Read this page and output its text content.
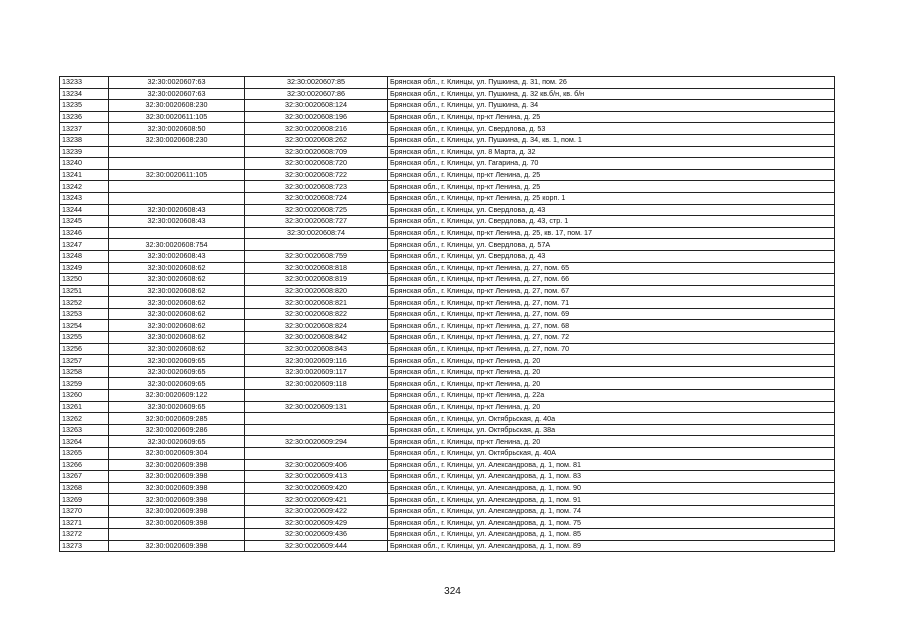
13233	32:30:0020607:63	32:30:0020607:85	Брянская обл., г. Клинцы, ул. Пушкина, д. 31, пом. 26
13234	32:30:0020607:63	32:30:0020607:86	Брянская обл., г. Клинцы, ул. Пушкина, д. 32 кв.б/н, кв. б/н
13235	32:30:0020608:230	32:30:0020608:124	Брянская обл., г. Клинцы, ул. Пушкина, д. 34
13236	32:30:0020611:105	32:30:0020608:196	Брянская обл., г. Клинцы, пр-кт Ленина, д. 25
13237	32:30:0020608:50	32:30:0020608:216	Брянская обл., г. Клинцы, ул. Свердлова, д. 53
13238	32:30:0020608:230	32:30:0020608:262	Брянская обл., г. Клинцы, ул. Пушкина, д. 34, кв. 1, пом. 1
13239		32:30:0020608:709	Брянская обл., г. Клинцы, ул. 8 Марта, д. 32
13240		32:30:0020608:720	Брянская обл., г. Клинцы, ул. Гагарина, д. 70
13241	32:30:0020611:105	32:30:0020608:722	Брянская обл., г. Клинцы, пр-кт Ленина, д. 25
13242		32:30:0020608:723	Брянская обл., г. Клинцы, пр-кт Ленина, д. 25
13243		32:30:0020608:724	Брянская обл., г. Клинцы, пр-кт Ленина, д. 25 корп. 1
13244	32:30:0020608:43	32:30:0020608:725	Брянская обл., г. Клинцы, ул. Свердлова, д. 43
13245	32:30:0020608:43	32:30:0020608:727	Брянская обл., г. Клинцы, ул. Свердлова, д. 43, стр. 1
13246		32:30:0020608:74	Брянская обл., г. Клинцы, пр-кт Ленина, д. 25, кв. 17, пом. 17
13247	32:30:0020608:754		Брянская обл., г. Клинцы, ул. Свердлова, д. 57А
13248	32:30:0020608:43	32:30:0020608:759	Брянская обл., г. Клинцы, ул. Свердлова, д. 43
13249	32:30:0020608:62	32:30:0020608:818	Брянская обл., г. Клинцы, пр-кт Ленина, д. 27, пом. 65
13250	32:30:0020608:62	32:30:0020608:819	Брянская обл., г. Клинцы, пр-кт Ленина, д. 27, пом. 66
13251	32:30:0020608:62	32:30:0020608:820	Брянская обл., г. Клинцы, пр-кт Ленина, д. 27, пом. 67
13252	32:30:0020608:62	32:30:0020608:821	Брянская обл., г. Клинцы, пр-кт Ленина, д. 27, пом. 71
13253	32:30:0020608:62	32:30:0020608:822	Брянская обл., г. Клинцы, пр-кт Ленина, д. 27, пом. 69
13254	32:30:0020608:62	32:30:0020608:824	Брянская обл., г. Клинцы, пр-кт Ленина, д. 27, пом. 68
13255	32:30:0020608:62	32:30:0020608:842	Брянская обл., г. Клинцы, пр-кт Ленина, д. 27, пом. 72
13256	32:30:0020608:62	32:30:0020608:843	Брянская обл., г. Клинцы, пр-кт Ленина, д. 27, пом. 70
13257	32:30:0020609:65	32:30:0020609:116	Брянская обл., г. Клинцы, пр-кт Ленина, д. 20
13258	32:30:0020609:65	32:30:0020609:117	Брянская обл., г. Клинцы, пр-кт Ленина, д. 20
13259	32:30:0020609:65	32:30:0020609:118	Брянская обл., г. Клинцы, пр-кт Ленина, д. 20
13260	32:30:0020609:122		Брянская обл., г. Клинцы, пр-кт Ленина, д. 22а
13261	32:30:0020609:65	32:30:0020609:131	Брянская обл., г. Клинцы, пр-кт Ленина, д. 20
13262	32:30:0020609:285		Брянская обл., г. Клинцы, ул. Октябрьская, д. 40а
13263	32:30:0020609:286		Брянская обл., г. Клинцы, ул. Октябрьская, д. 38а
13264	32:30:0020609:65	32:30:0020609:294	Брянская обл., г. Клинцы, пр-кт Ленина, д. 20
13265	32:30:0020609:304		Брянская обл., г. Клинцы, ул. Октябрьская, д. 40А
13266	32:30:0020609:398	32:30:0020609:406	Брянская обл., г. Клинцы, ул. Александрова, д. 1, пом. 81
13267	32:30:0020609:398	32:30:0020609:413	Брянская обл., г. Клинцы, ул. Александрова, д. 1, пом. 83
13268	32:30:0020609:398	32:30:0020609:420	Брянская обл., г. Клинцы, ул. Александрова, д. 1, пом. 90
13269	32:30:0020609:398	32:30:0020609:421	Брянская обл., г. Клинцы, ул. Александрова, д. 1, пом. 91
13270	32:30:0020609:398	32:30:0020609:422	Брянская обл., г. Клинцы, ул. Александрова, д. 1, пом. 74
13271	32:30:0020609:398	32:30:0020609:429	Брянская обл., г. Клинцы, ул. Александрова, д. 1, пом. 75
13272		32:30:0020609:436	Брянская обл., г. Клинцы, ул. Александрова, д. 1, пом. 85
13273	32:30:0020609:398	32:30:0020609:444	Брянская обл., г. Клинцы, ул. Александрова, д. 1, пом. 89
324
